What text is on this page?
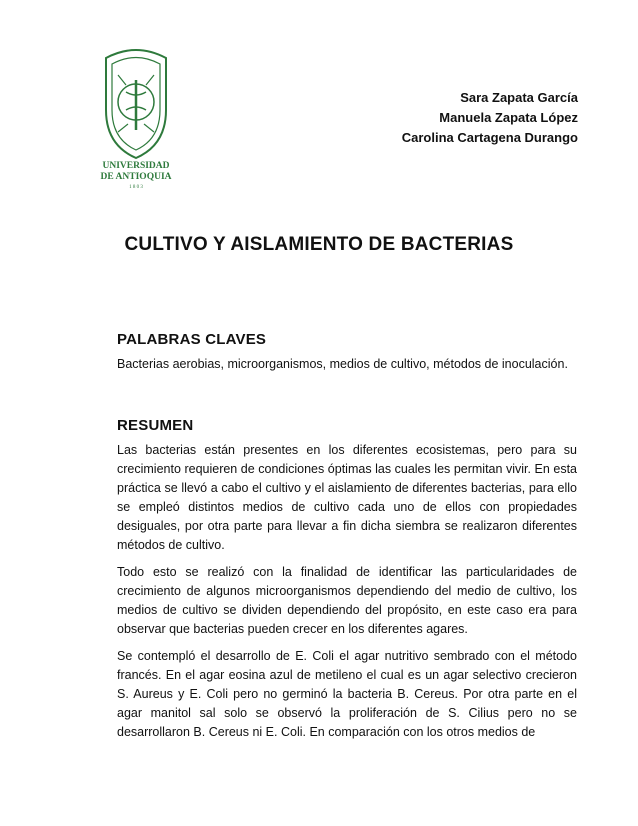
UNIVERSIDAD
DE ANTIOQUIA
1 8 0 3
Sara Zapata García
Manuela Zapata López
Carolina Cartagena Durango
CULTIVO Y AISLAMIENTO DE BACTERIAS
PALABRAS CLAVES

Bacterias aerobias, microorganismos, medios de cultivo, métodos de inoculación.

RESUMEN

Las bacterias están presentes en los diferentes ecosistemas, pero para su crecimiento requieren de condiciones óptimas las cuales les permitan vivir. En esta práctica se llevó a cabo el cultivo y el aislamiento de diferentes bacterias, para ello se empleó distintos medios de cultivo cada uno de ellos con propiedades desiguales, por otra parte para llevar a fin dicha siembra se realizaron diferentes métodos de cultivo.

Todo esto se realizó con la finalidad de identificar las particularidades de crecimiento de algunos microorganismos dependiendo del medio de cultivo, los medios de cultivo se dividen dependiendo del propósito, en este caso era para observar que bacterias pueden crecer en los diferentes agares.

Se contempló el desarrollo de E. Coli el agar nutritivo sembrado con el método francés. En el agar eosina azul de metileno el cual es un agar selectivo crecieron S. Aureus y E. Coli pero no germinó la bacteria B. Cereus. Por otra parte en el agar manitol sal solo se observó la proliferación de S. Cilius pero no se desarrollaron B. Cereus ni E. Coli. En comparación con los otros medios de
